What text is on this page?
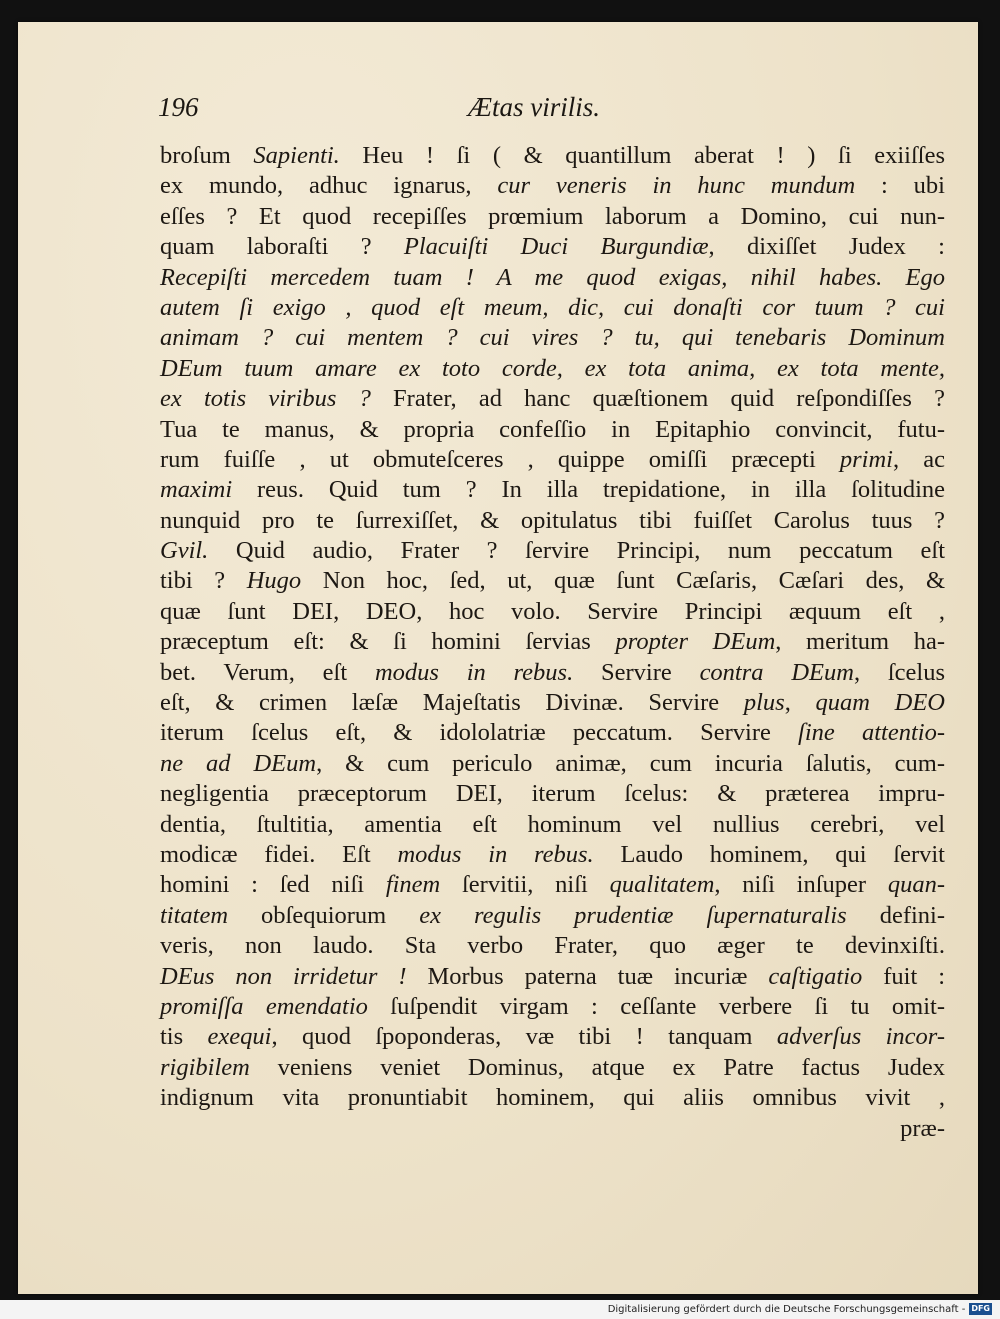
196	Ætas virilis.
broſum Sapienti. Heu ! ſi ( & quantillum aberat ! ) ſi exiiſſes
ex mundo, adhuc ignarus, cur veneris in hunc mundum : ubi
eſſes ? Et quod recepiſſes prœmium laborum a Domino, cui nun-
quam laboraſti ? Placuiſti Duci Burgundiæ, dixiſſet Judex :
Recepiſti mercedem tuam ! A me quod exigas, nihil habes. Ego
autem ſi exigo , quod eſt meum, dic, cui donaſti cor tuum ? cui
animam ? cui mentem ? cui vires ? tu, qui tenebaris Dominum
DEum tuum amare ex toto corde, ex tota anima, ex tota mente,
ex totis viribus ? Frater, ad hanc quæſtionem quid reſpondiſſes ?
Tua te manus, & propria confeſſio in Epitaphio convincit, futu-
rum fuiſſe , ut obmuteſceres , quippe omiſſi præcepti primi, ac
maximi reus. Quid tum ? In illa trepidatione, in illa ſolitudine
nunquid pro te ſurrexiſſet, & opitulatus tibi fuiſſet Carolus tuus ?
Gvil. Quid audio, Frater ? ſervire Principi, num peccatum eſt
tibi ? Hugo Non hoc, ſed, ut, quæ ſunt Cæſaris, Cæſari des, &
quæ ſunt DEI, DEO, hoc volo. Servire Principi æquum eſt ,
præceptum eſt: & ſi homini ſervias propter DEum, meritum ha-
bet. Verum, eſt modus in rebus. Servire contra DEum, ſcelus
eſt, & crimen læſæ Majeſtatis Divinæ. Servire plus, quam DEO
iterum ſcelus eſt, & idololatriæ peccatum. Servire ſine attentio-
ne ad DEum, & cum periculo animæ, cum incuria ſalutis, cum-
negligentia præceptorum DEI, iterum ſcelus: & præterea impru-
dentia, ſtultitia, amentia eſt hominum vel nullius cerebri, vel
modicæ fidei. Eſt modus in rebus. Laudo hominem, qui ſervit
homini : ſed niſi finem ſervitii, niſi qualitatem, niſi inſuper quan-
titatem obſequiorum ex regulis prudentiæ ſupernaturalis defini-
veris, non laudo. Sta verbo Frater, quo æger te devinxiſti.
DEus non irridetur ! Morbus paterna tuæ incuriæ caſtigatio fuit :
promiſſa emendatio ſuſpendit virgam : ceſſante verbere ſi tu omit-
tis exequi, quod ſpoponderas, væ tibi ! tanquam adverſus incor-
rigibilem veniens veniet Dominus, atque ex Patre factus Judex
indignum vita pronuntiabit hominem, qui aliis omnibus vivit ,
præ-
Digitalisierung gefördert durch die Deutsche Forschungsgemeinschaft - DFG
